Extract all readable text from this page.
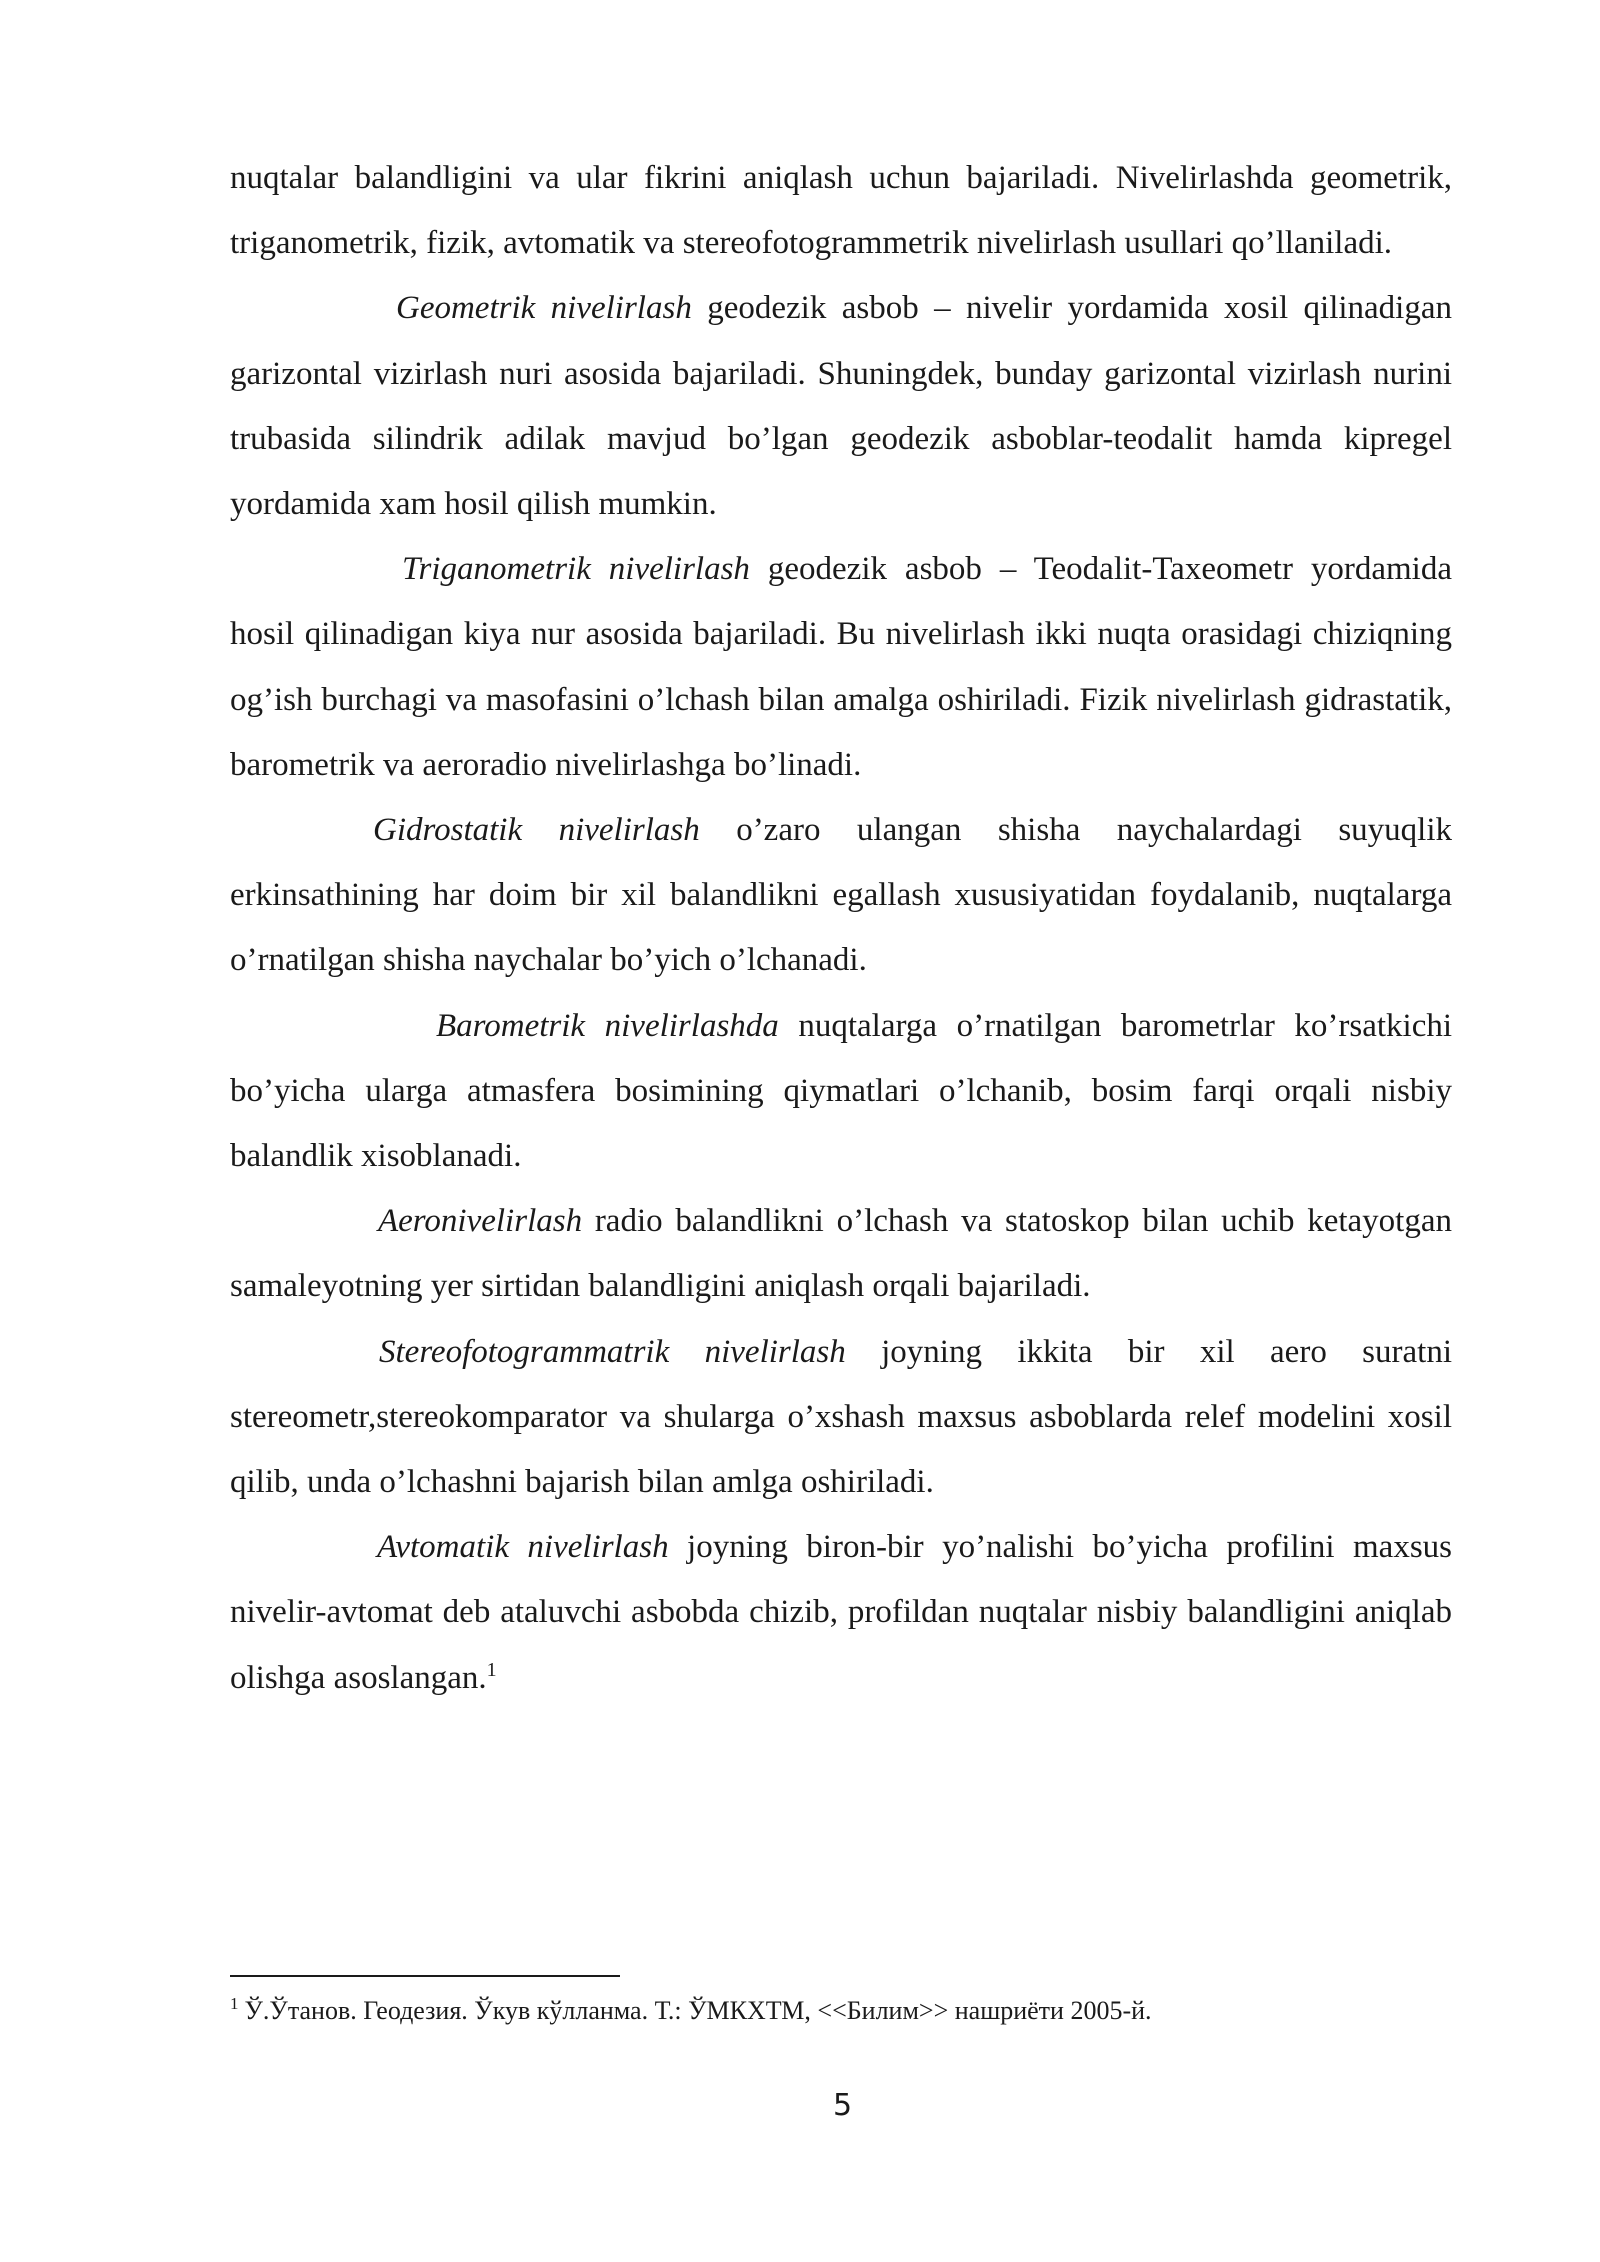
nuqtalar balandligini va ular fikrini aniqlash uchun bajariladi. Nivelirlashda geometrik, triganometrik, fizik, avtomatik va stereofotogrammetrik nivelirlash usullari qo’llaniladi.

Geometrik nivelirlash geodezik asbob – nivelir yordamida xosil qilinadigan garizontal vizirlash nuri asosida bajariladi. Shuningdek, bunday garizontal vizirlash nurini trubasida silindrik adilak mavjud bo’lgan geodezik asboblar-teodalit hamda kipregel yordamida xam hosil qilish mumkin.

Triganometrik nivelirlash geodezik asbob – Teodalit-Taxeometr yordamida hosil qilinadigan kiya nur asosida bajariladi. Bu nivelirlash ikki nuqta orasidagi chiziqning og’ish burchagi va masofasini o’lchash bilan amalga oshiriladi. Fizik nivelirlash gidrastatik, barometrik va aeroradio nivelirlashga bo’linadi.

Gidrostatik nivelirlash o’zaro ulangan shisha naychalardagi suyuqlik erkinsathining har doim bir xil balandlikni egallash xususiyatidan foydalanib, nuqtalarga o’rnatilgan shisha naychalar bo’yich o’lchanadi.

Barometrik nivelirlashda nuqtalarga o’rnatilgan barometrlar ko’rsatkichi bo’yicha ularga atmasfera bosimining qiymatlari o’lchanib, bosim farqi orqali nisbiy balandlik xisoblanadi.

Aeronivelirlash radio balandlikni o’lchash va statoskop bilan uchib ketayotgan samaleyotning yer sirtidan balandligini aniqlash orqali bajariladi.

Stereofotogrammatrik nivelirlash joyning ikkita bir xil aero suratni stereometr,stereokomparator va shularga o’xshash maxsus asboblarda relef modelini xosil qilib, unda o’lchashni bajarish bilan amlga oshiriladi.

Avtomatik nivelirlash joyning biron-bir yo’nalishi bo’yicha profilini maxsus nivelir-avtomat deb ataluvchi asbobda chizib, profildan nuqtalar nisbiy balandligini aniqlab olishga asoslangan.$^1$

$^1$ Ў.Ўтанов. Геодезия. Ўкув кўлланма. Т.: ЎМКХТМ, <<Билим>> нашриёти 2005-й.

5
